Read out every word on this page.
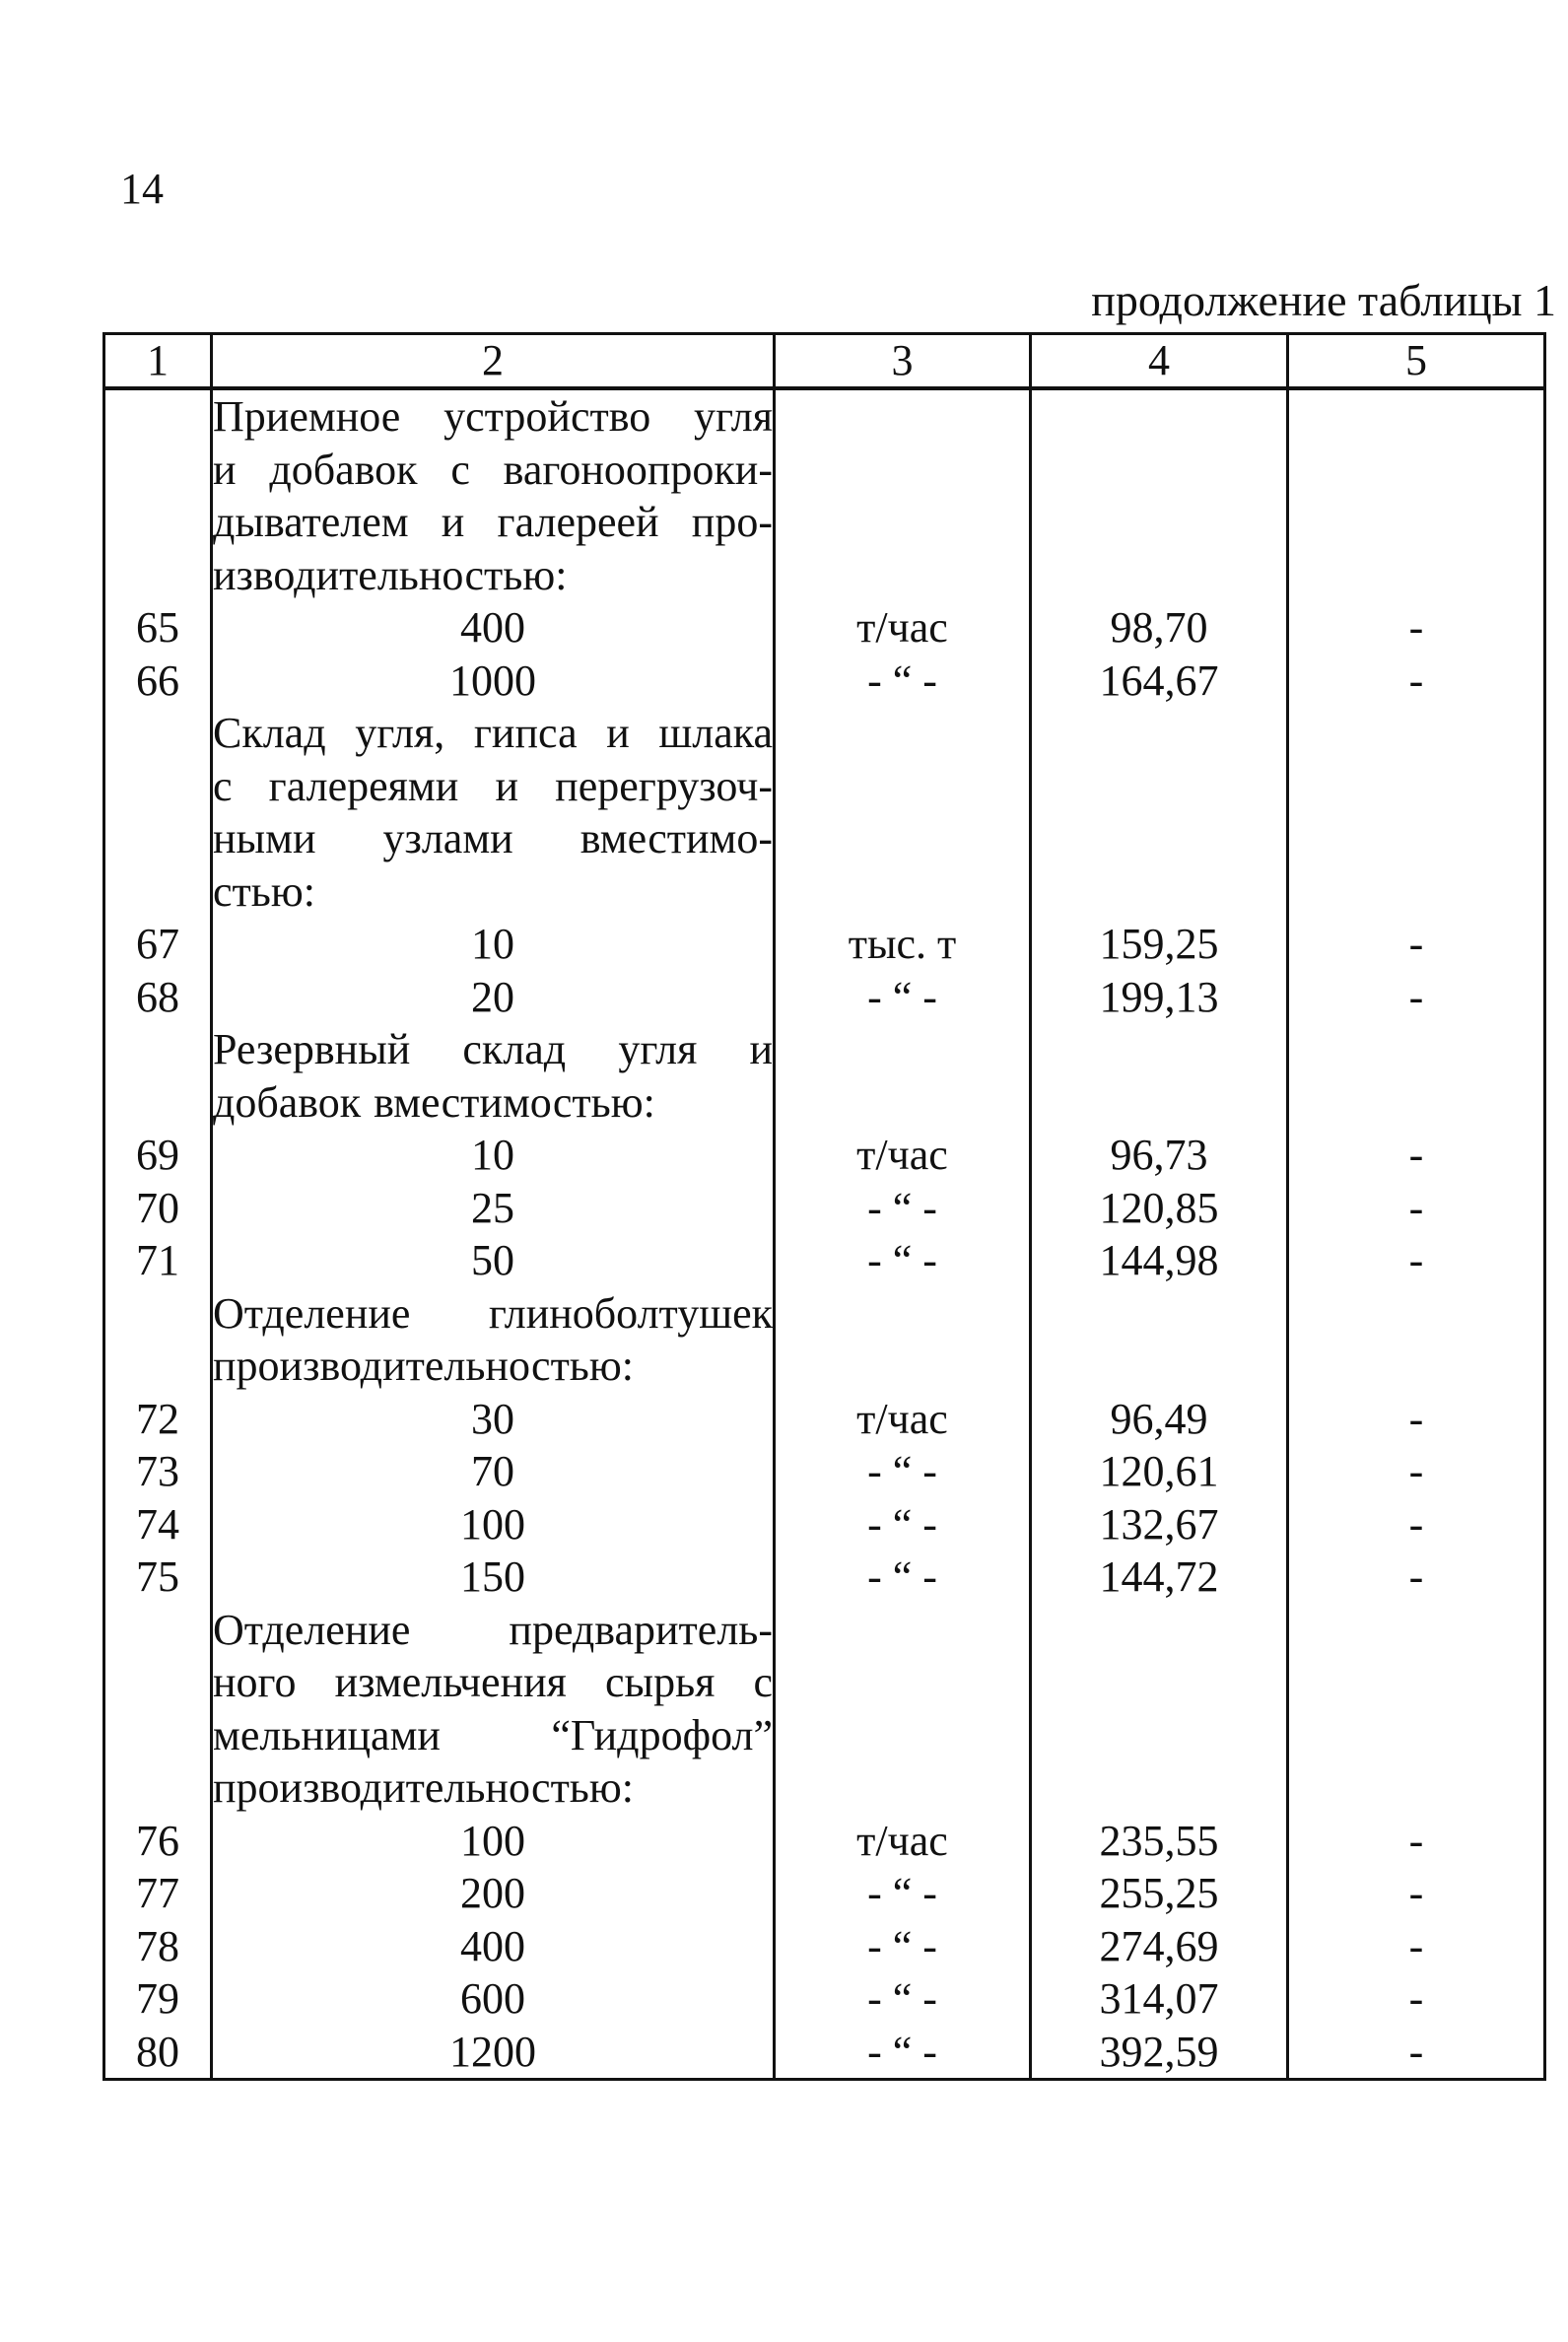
14
продолжение таблицы 1
1	2	3	4	5

	Приемное устройство угля
и добавок с вагоноопроки-
дывателем и галереей про-
изводительностью:			

65	400	т/час	98,70	-
66	1000	- “ -	164,67	-

	Склад угля, гипса и шлака
с галереями и перегрузоч-
ными узлами вместимо-
стью:			

67	10	тыс. т	159,25	-
68	20	- “ -	199,13	-

	Резервный склад угля и
добавок вместимостью:			

69	10	т/час	96,73	-
70	25	- “ -	120,85	-
71	50	- “ -	144,98	-

	Отделение глиноболтушек
производительностью:			

72	30	т/час	96,49	-
73	70	- “ -	120,61	-
74	100	- “ -	132,67	-
75	150	- “ -	144,72	-

	Отделение предваритель-
ного измельчения сырья с
мельницами “Гидрофол”
производительностью:			

76	100	т/час	235,55	-
77	200	- “ -	255,25	-
78	400	- “ -	274,69	-
79	600	- “ -	314,07	-
80	1200	- “ -	392,59	-
